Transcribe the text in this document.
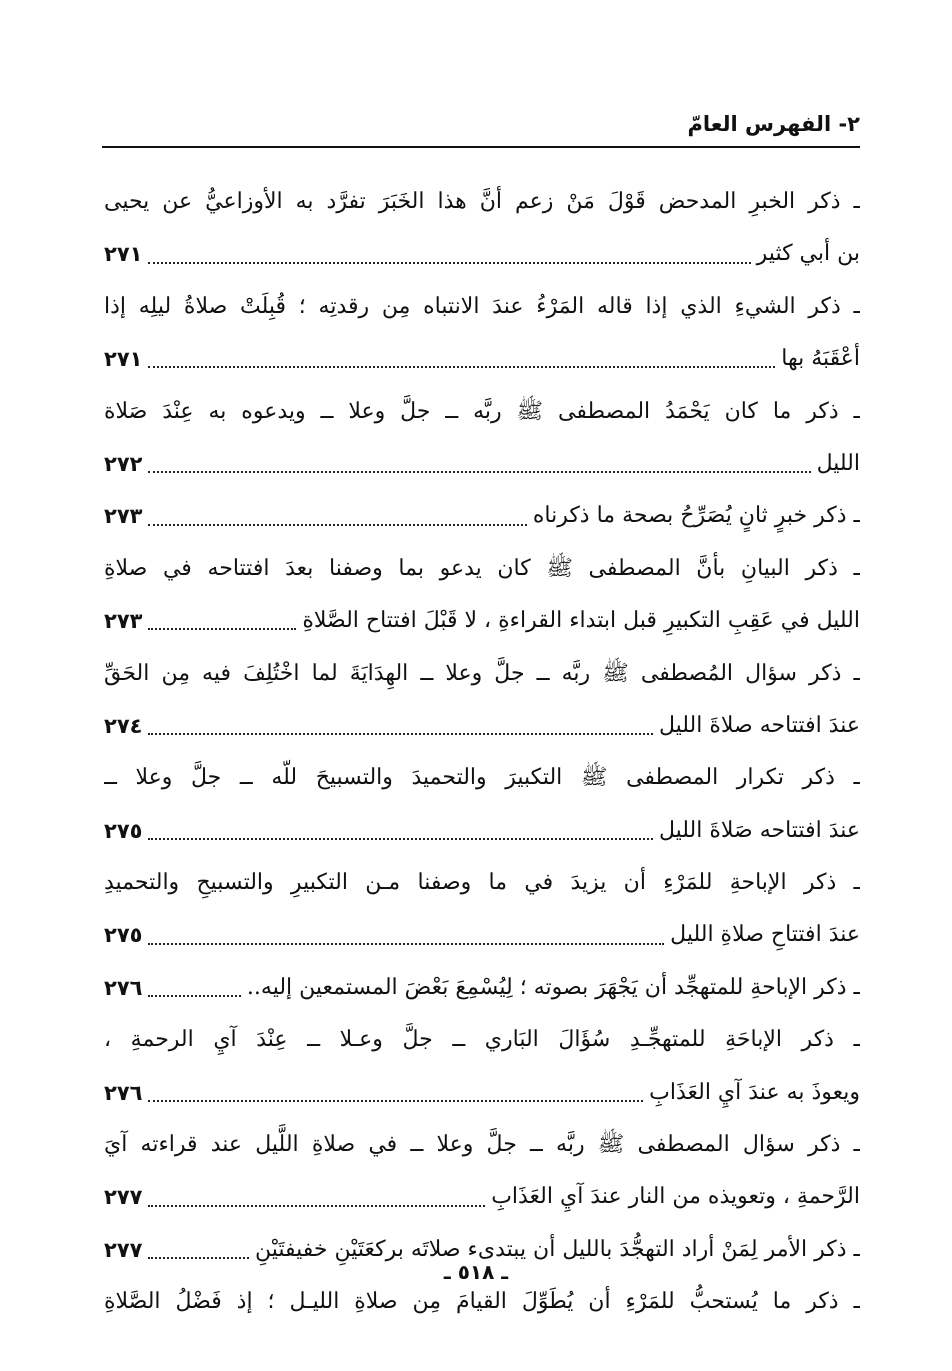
٢- الفهرس العامّ
ـ ذكر الخبرِ المدحض قَوْلَ مَنْ زعم أنَّ هذا الخَبَرَ تفرَّد به الأوزاعيُّ عن يحيى
بن أبي كثير
٢٧١
ـ ذكر الشيءِ الذي إذا قاله المَرْءُ عندَ الانتباه مِن رقدتِه ؛ قُبِلَتْ صلاةُ ليلِه إذا
أعْقَبَهُ بها
٢٧١
ـ ذكر ما كان يَحْمَدُ المصطفى ﷺ ربَّه ــ جلَّ وعلا ــ ويدعوه به عِنْدَ صَلاة
الليل
٢٧٢
ـ ذكر خبرٍ ثانٍ يُصَرِّحُ بصحة ما ذكرناه
٢٧٣
ـ ذكر البيانِ بأنَّ المصطفى ﷺ كان يدعو بما وصفنا بعدَ افتتاحه في صلاةِ
الليل في عَقِبِ التكبيرِ قبل ابتداء القراءةِ ، لا قَبْلَ افتتاح الصَّلاةِ
٢٧٣
ـ ذكر سؤال المُصطفى ﷺ ربَّه ــ جلَّ وعلا ــ الهِدَايَةَ لما اخْتُلِفَ فيه مِن الحَقِّ
عندَ افتتاحه صلاةَ الليل
٢٧٤
ـ ذكر تكرار المصطفى ﷺ التكبيرَ والتحميدَ والتسبيحَ للّه ــ جلَّ وعلا ــ
عندَ افتتاحه صَلاةَ الليل
٢٧٥
ـ ذكر الإباحةِ للمَرْءِ أن يزيدَ في ما وصفنا مـن التكبيرِ والتسبيحِ والتحميدِ
عندَ افتتاحِ صلاةِ الليل
٢٧٥
ـ ذكر الإباحةِ للمتهجِّد أن يَجْهَرَ بصوته ؛ لِيُسْمِعَ بَعْضَ المستمعين إليه..
٢٧٦
ـ ذكر الإباحَةِ للمتهجِّـدِ سُؤَالَ البَاري ــ جلَّ وعـلا ــ عِنْدَ آيِ الرحمةِ ،
ويعوذَ به عندَ آيِ العَذَابِ
٢٧٦
ـ ذكر سؤال المصطفى ﷺ ربَّه ــ جلَّ وعلا ــ في صلاةِ اللَّيل عند قراءته آيَ
الرَّحمةِ ، وتعويذه من النار عندَ آيِ العَذَابِ
٢٧٧
ـ ذكر الأمر لِمَنْ أراد التهجُّدَ بالليل أن يبتدىء صلاتَه بركعَتَيْنِ خفيفتَيْنِ
٢٧٧
ـ ذكر ما يُستحبُّ للمَرْءِ أن يُطَوِّلَ القيامَ مِن صلاةِ الليـل ؛ إذ فَضْلُ الصَّلاةِ
ـ ٥١٨ ـ
